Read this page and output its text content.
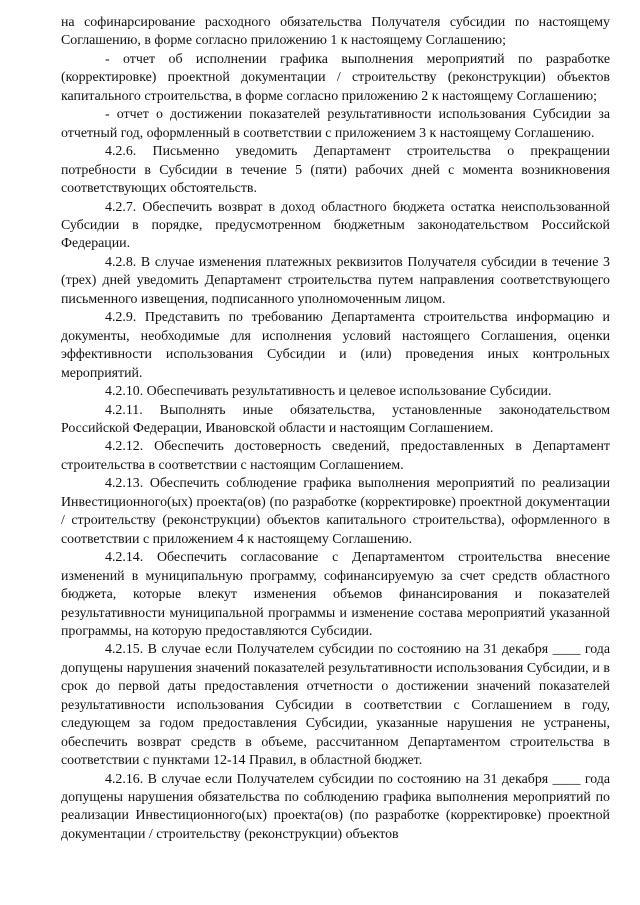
на софинарсирование расходного обязательства Получателя субсидии по настоящему Соглашению, в форме согласно приложению 1 к настоящему Соглашению;

- отчет об исполнении графика выполнения мероприятий по разработке (корректировке) проектной документации / строительству (реконструкции) объектов капитального строительства, в форме согласно приложению 2 к настоящему Соглашению;

- отчет о достижении показателей результативности использования Субсидии за отчетный год, оформленный в соответствии с приложением 3 к настоящему Соглашению.

4.2.6. Письменно уведомить Департамент строительства о прекращении потребности в Субсидии в течение 5 (пяти) рабочих дней с момента возникновения соответствующих обстоятельств.

4.2.7. Обеспечить возврат в доход областного бюджета остатка неиспользованной Субсидии в порядке, предусмотренном бюджетным законодательством Российской Федерации.

4.2.8. В случае изменения платежных реквизитов Получателя субсидии в течение 3 (трех) дней уведомить Департамент строительства путем направления соответствующего письменного извещения, подписанного уполномоченным лицом.

4.2.9. Представить по требованию Департамента строительства информацию и документы, необходимые для исполнения условий настоящего Соглашения, оценки эффективности использования Субсидии и (или) проведения иных контрольных мероприятий.

4.2.10. Обеспечивать результативность и целевое использование Субсидии.

4.2.11. Выполнять иные обязательства, установленные законодательством Российской Федерации, Ивановской области и настоящим Соглашением.

4.2.12. Обеспечить достоверность сведений, предоставленных в Департамент строительства в соответствии с настоящим Соглашением.

4.2.13. Обеспечить соблюдение графика выполнения мероприятий по реализации Инвестиционного(ых) проекта(ов) (по разработке (корректировке) проектной документации / строительству (реконструкции) объектов капитального строительства), оформленного в соответствии с приложением 4 к настоящему Соглашению.

4.2.14. Обеспечить согласование с Департаментом строительства внесение изменений в муниципальную программу, софинансируемую за счет средств областного бюджета, которые влекут изменения объемов финансирования и показателей результативности муниципальной программы и изменение состава мероприятий указанной программы, на которую предоставляются Субсидии.

4.2.15. В случае если Получателем субсидии по состоянию на 31 декабря ____ года допущены нарушения значений показателей результативности использования Субсидии, и в срок до первой даты предоставления отчетности о достижении значений показателей результативности использования Субсидии в соответствии с Соглашением в году, следующем за годом предоставления Субсидии, указанные нарушения не устранены, обеспечить возврат средств в объеме, рассчитанном Департаментом строительства в соответствии с пунктами 12-14 Правил, в областной бюджет.

4.2.16. В случае если Получателем субсидии по состоянию на 31 декабря ____ года допущены нарушения обязательства по соблюдению графика выполнения мероприятий по реализации Инвестиционного(ых) проекта(ов) (по разработке (корректировке) проектной документации / строительству (реконструкции) объектов
